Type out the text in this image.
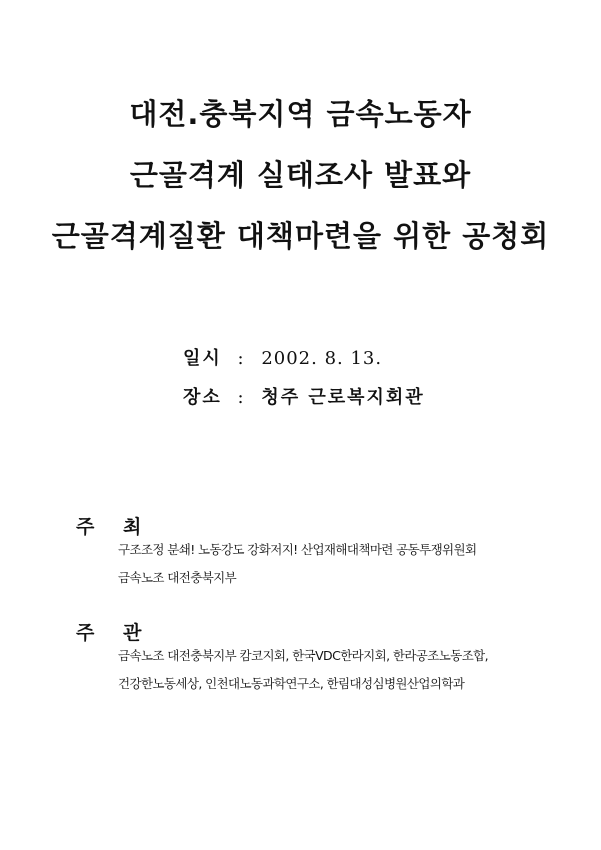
대전.충북지역 금속노동자
근골격계 실태조사 발표와
근골격계질환 대책마련을 위한 공청회
일시 : 2002. 8. 13.
장소 : 청주 근로복지회관
주 최
구조조정 분쇄! 노동강도 강화저지! 산업재해대책마련 공동투쟁위원회
금속노조 대전충북지부
주 관
금속노조 대전충북지부 캄코지회, 한국VDC한라지회, 한라공조노동조합,
건강한노동세상, 인천대노동과학연구소, 한림대성심병원산업의학과
